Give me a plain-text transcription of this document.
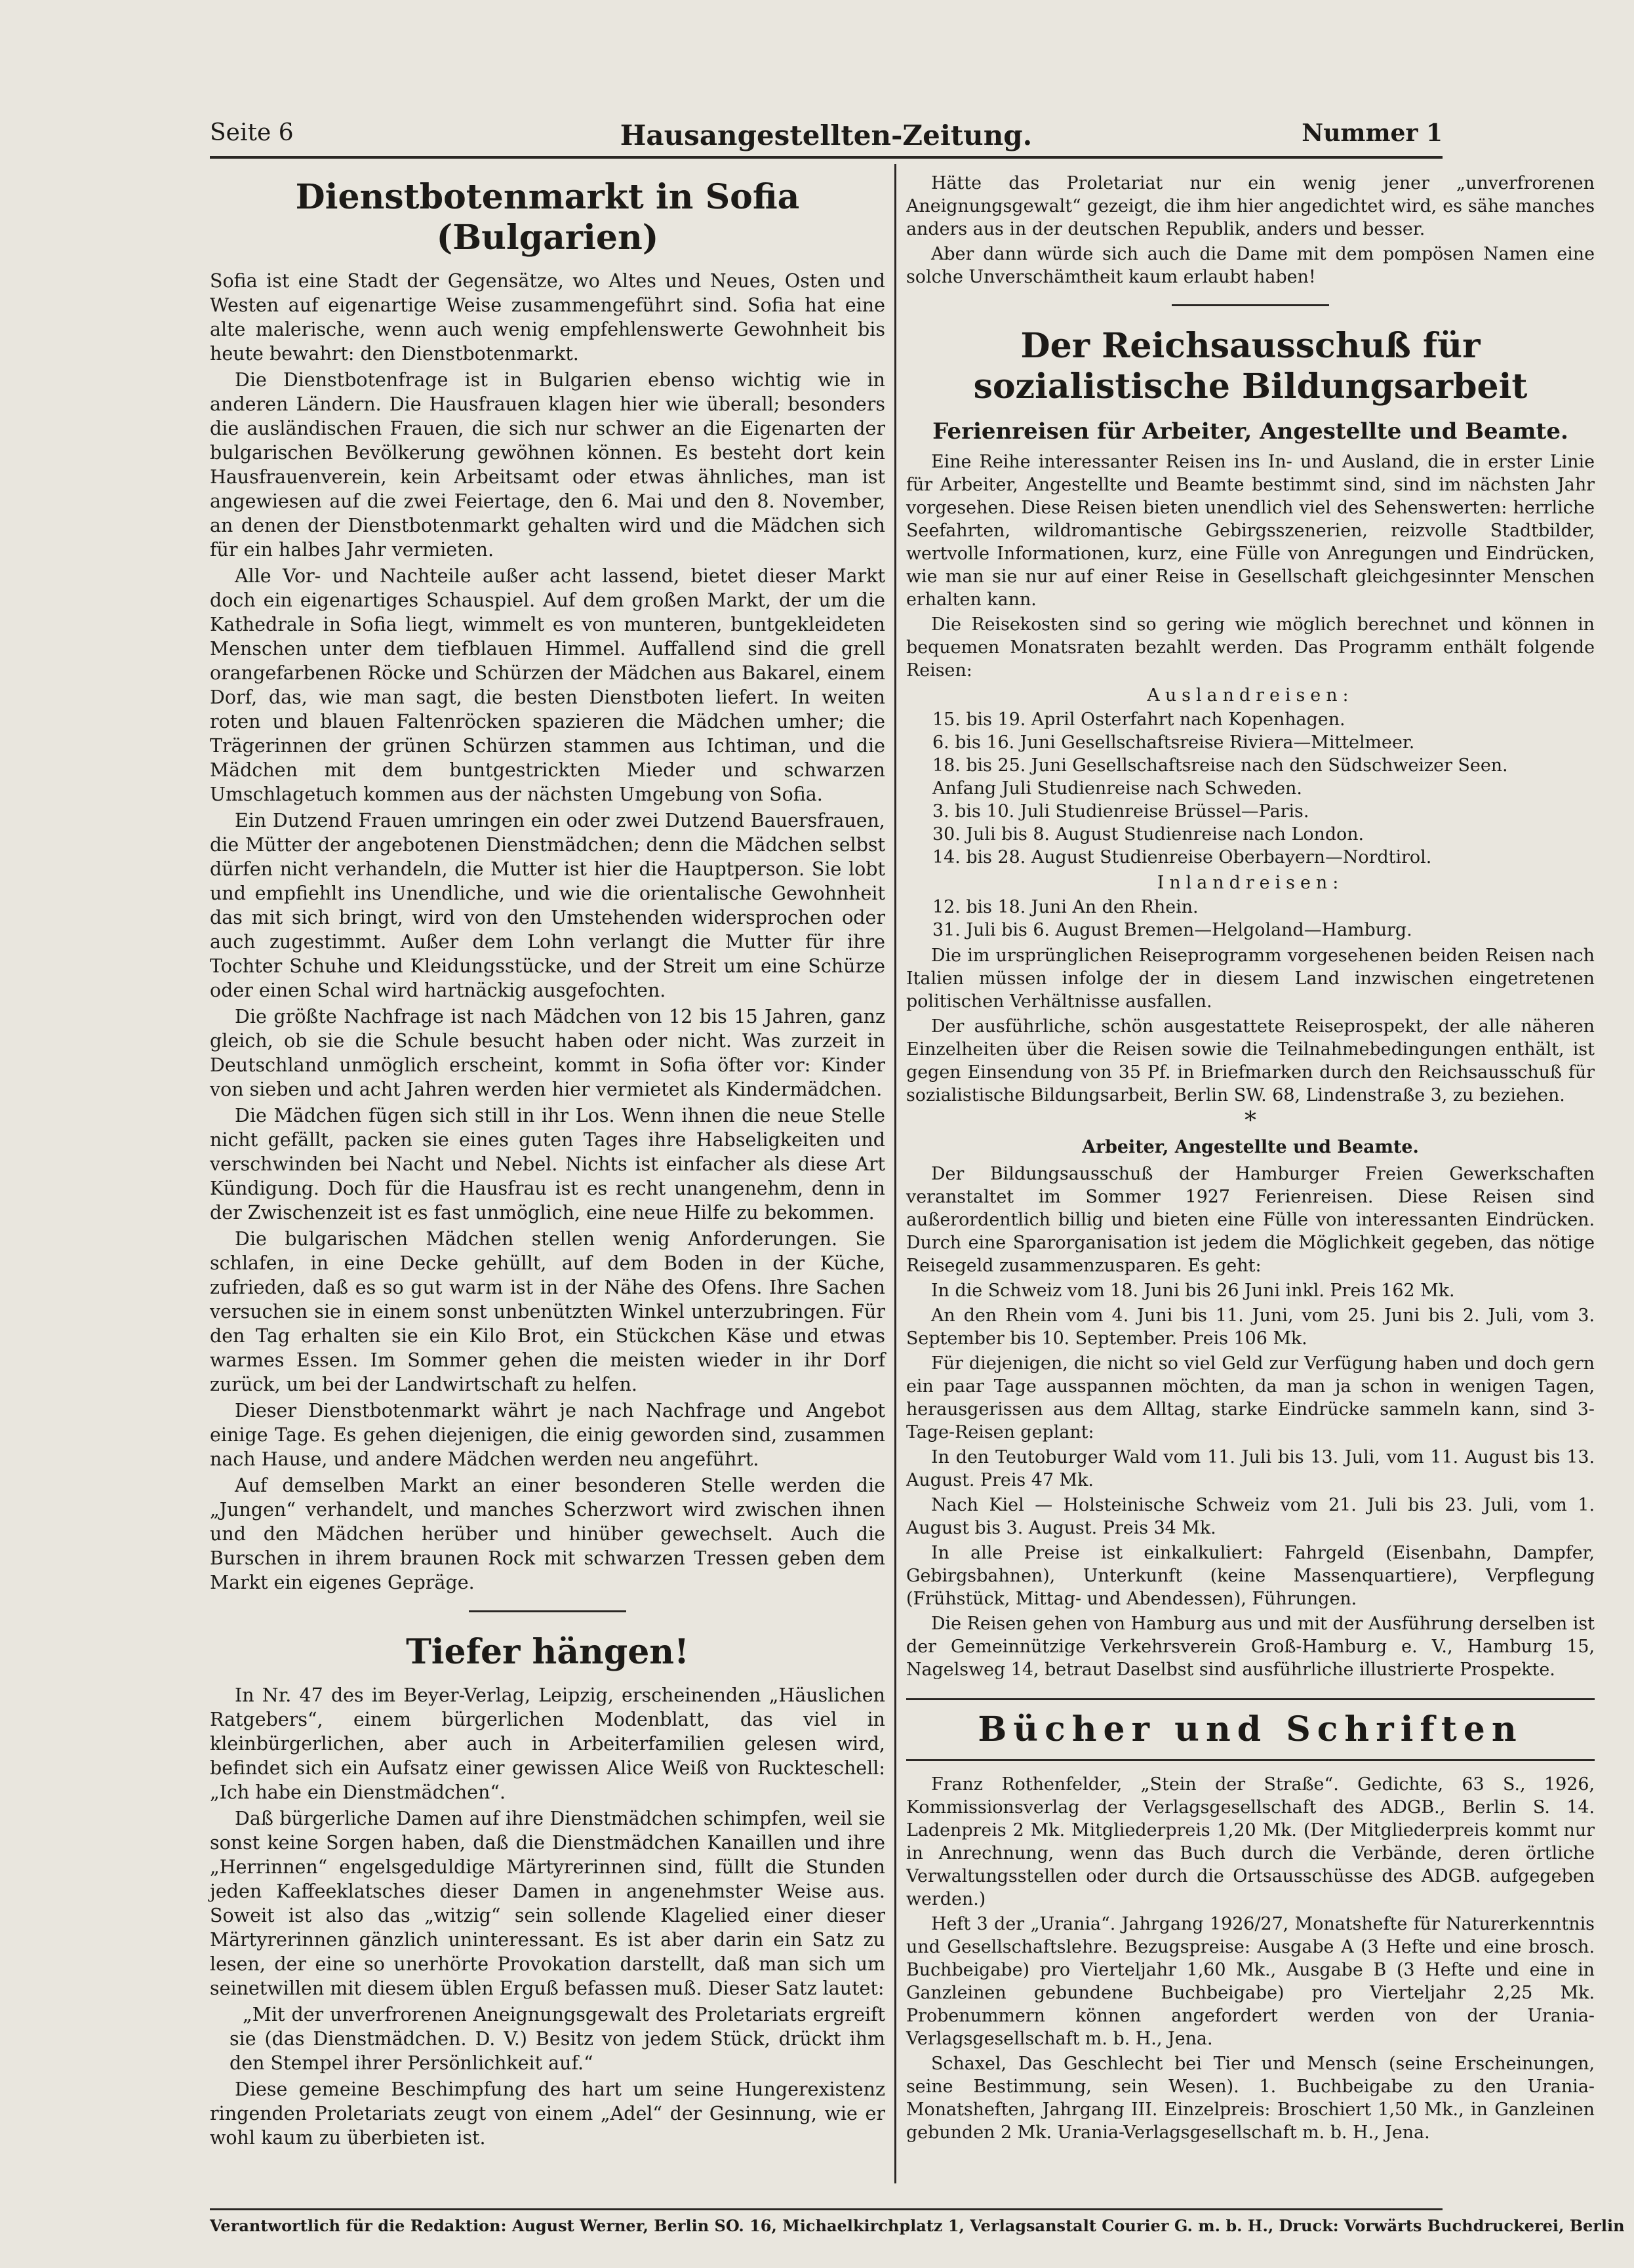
Seite 6	Hausangestellten-Zeitung.	Nummer 1
Dienstbotenmarkt in Sofia (Bulgarien)

Sofia ist eine Stadt der Gegensätze, wo Altes und Neues, Osten und Westen auf eigenartige Weise zusammengeführt sind. Sofia hat eine alte malerische, wenn auch wenig empfehlenswerte Gewohnheit bis heute bewahrt: den Dienstbotenmarkt.

Die Dienstbotenfrage ist in Bulgarien ebenso wichtig wie in anderen Ländern. Die Hausfrauen klagen hier wie überall; besonders die ausländischen Frauen, die sich nur schwer an die Eigenarten der bulgarischen Bevölkerung gewöhnen können. Es besteht dort kein Hausfrauenverein, kein Arbeitsamt oder etwas ähnliches, man ist angewiesen auf die zwei Feiertage, den 6. Mai und den 8. November, an denen der Dienstbotenmarkt gehalten wird und die Mädchen sich für ein halbes Jahr vermieten.

Alle Vor- und Nachteile außer acht lassend, bietet dieser Markt doch ein eigenartiges Schauspiel. Auf dem großen Markt, der um die Kathedrale in Sofia liegt, wimmelt es von munteren, buntgekleideten Menschen unter dem tiefblauen Himmel. Auffallend sind die grell orangefarbenen Röcke und Schürzen der Mädchen aus Bakarel, einem Dorf, das, wie man sagt, die besten Dienstboten liefert. In weiten roten und blauen Faltenröcken spazieren die Mädchen umher; die Trägerinnen der grünen Schürzen stammen aus Ichtiman, und die Mädchen mit dem buntgestrickten Mieder und schwarzen Umschlagetuch kommen aus der nächsten Umgebung von Sofia.

Ein Dutzend Frauen umringen ein oder zwei Dutzend Bauersfrauen, die Mütter der angebotenen Dienstmädchen; denn die Mädchen selbst dürfen nicht verhandeln, die Mutter ist hier die Hauptperson. Sie lobt und empfiehlt ins Unendliche, und wie die orientalische Gewohnheit das mit sich bringt, wird von den Umstehenden widersprochen oder auch zugestimmt. Außer dem Lohn verlangt die Mutter für ihre Tochter Schuhe und Kleidungsstücke, und der Streit um eine Schürze oder einen Schal wird hartnäckig ausgefochten.

Die größte Nachfrage ist nach Mädchen von 12 bis 15 Jahren, ganz gleich, ob sie die Schule besucht haben oder nicht. Was zurzeit in Deutschland unmöglich erscheint, kommt in Sofia öfter vor: Kinder von sieben und acht Jahren werden hier vermietet als Kindermädchen.

Die Mädchen fügen sich still in ihr Los. Wenn ihnen die neue Stelle nicht gefällt, packen sie eines guten Tages ihre Habseligkeiten und verschwinden bei Nacht und Nebel. Nichts ist einfacher als diese Art Kündigung. Doch für die Hausfrau ist es recht unangenehm, denn in der Zwischenzeit ist es fast unmöglich, eine neue Hilfe zu bekommen.

Die bulgarischen Mädchen stellen wenig Anforderungen. Sie schlafen, in eine Decke gehüllt, auf dem Boden in der Küche, zufrieden, daß es so gut warm ist in der Nähe des Ofens. Ihre Sachen versuchen sie in einem sonst unbenützten Winkel unterzubringen. Für den Tag erhalten sie ein Kilo Brot, ein Stückchen Käse und etwas warmes Essen. Im Sommer gehen die meisten wieder in ihr Dorf zurück, um bei der Landwirtschaft zu helfen.

Dieser Dienstbotenmarkt währt je nach Nachfrage und Angebot einige Tage. Es gehen diejenigen, die einig geworden sind, zusammen nach Hause, und andere Mädchen werden neu angeführt.

Auf demselben Markt an einer besonderen Stelle werden die „Jungen“ verhandelt, und manches Scherzwort wird zwischen ihnen und den Mädchen herüber und hinüber gewechselt. Auch die Burschen in ihrem braunen Rock mit schwarzen Tressen geben dem Markt ein eigenes Gepräge.

Tiefer hängen!

In Nr. 47 des im Beyer-Verlag, Leipzig, erscheinenden „Häuslichen Ratgebers“, einem bürgerlichen Modenblatt, das viel in kleinbürgerlichen, aber auch in Arbeiterfamilien gelesen wird, befindet sich ein Aufsatz einer gewissen Alice Weiß von Ruckteschell: „Ich habe ein Dienstmädchen“.

Daß bürgerliche Damen auf ihre Dienstmädchen schimpfen, weil sie sonst keine Sorgen haben, daß die Dienstmädchen Kanaillen und ihre „Herrinnen“ engelsgeduldige Märtyrerinnen sind, füllt die Stunden jeden Kaffeeklatsches dieser Damen in angenehmster Weise aus. Soweit ist also das „witzig“ sein sollende Klagelied einer dieser Märtyrerinnen gänzlich uninteressant. Es ist aber darin ein Satz zu lesen, der eine so unerhörte Provokation darstellt, daß man sich um seinetwillen mit diesem üblen Erguß befassen muß. Dieser Satz lautet:

„Mit der unverfrorenen Aneignungsgewalt des Proletariats ergreift sie (das Dienstmädchen. D. V.) Besitz von jedem Stück, drückt ihm den Stempel ihrer Persönlichkeit auf.“

Diese gemeine Beschimpfung des hart um seine Hungerexistenz ringenden Proletariats zeugt von einem „Adel“ der Gesinnung, wie er wohl kaum zu überbieten ist.

Hätte das Proletariat nur ein wenig jener „unverfrorenen Aneignungsgewalt“ gezeigt, die ihm hier angedichtet wird, es sähe manches anders aus in der deutschen Republik, anders und besser.

Aber dann würde sich auch die Dame mit dem pompösen Namen eine solche Unverschämtheit kaum erlaubt haben!

Der Reichsausschuß für sozialistische Bildungsarbeit
Ferienreisen für Arbeiter, Angestellte und Beamte.

Eine Reihe interessanter Reisen ins In- und Ausland, die in erster Linie für Arbeiter, Angestellte und Beamte bestimmt sind, sind im nächsten Jahr vorgesehen. Diese Reisen bieten unendlich viel des Sehenswerten: herrliche Seefahrten, wildromantische Gebirgsszenerien, reizvolle Stadtbilder, wertvolle Informationen, kurz, eine Fülle von Anregungen und Eindrücken, wie man sie nur auf einer Reise in Gesellschaft gleichgesinnter Menschen erhalten kann.

Die Reisekosten sind so gering wie möglich berechnet und können in bequemen Monatsraten bezahlt werden. Das Programm enthält folgende Reisen:

Auslandreisen:
15. bis 19. April Osterfahrt nach Kopenhagen.
6. bis 16. Juni Gesellschaftsreise Riviera—Mittelmeer.
18. bis 25. Juni Gesellschaftsreise nach den Südschweizer Seen.
Anfang Juli Studienreise nach Schweden.
3. bis 10. Juli Studienreise Brüssel—Paris.
30. Juli bis 8. August Studienreise nach London.
14. bis 28. August Studienreise Oberbayern—Nordtirol.
Inlandreisen:
12. bis 18. Juni An den Rhein.
31. Juli bis 6. August Bremen—Helgoland—Hamburg.

Die im ursprünglichen Reiseprogramm vorgesehenen beiden Reisen nach Italien müssen infolge der in diesem Land inzwischen eingetretenen politischen Verhältnisse ausfallen.

Der ausführliche, schön ausgestattete Reiseprospekt, der alle näheren Einzelheiten über die Reisen sowie die Teilnahmebedingungen enthält, ist gegen Einsendung von 35 Pf. in Briefmarken durch den Reichsausschuß für sozialistische Bildungsarbeit, Berlin SW. 68, Lindenstraße 3, zu beziehen.

*
Arbeiter, Angestellte und Beamte.

Der Bildungsausschuß der Hamburger Freien Gewerkschaften veranstaltet im Sommer 1927 Ferienreisen. Diese Reisen sind außerordentlich billig und bieten eine Fülle von interessanten Eindrücken. Durch eine Sparorganisation ist jedem die Möglichkeit gegeben, das nötige Reisegeld zusammenzusparen. Es geht:

In die Schweiz vom 18. Juni bis 26 Juni inkl. Preis 162 Mk.

An den Rhein vom 4. Juni bis 11. Juni, vom 25. Juni bis 2. Juli, vom 3. September bis 10. September. Preis 106 Mk.

Für diejenigen, die nicht so viel Geld zur Verfügung haben und doch gern ein paar Tage ausspannen möchten, da man ja schon in wenigen Tagen, herausgerissen aus dem Alltag, starke Eindrücke sammeln kann, sind 3-Tage-Reisen geplant:

In den Teutoburger Wald vom 11. Juli bis 13. Juli, vom 11. August bis 13. August. Preis 47 Mk.

Nach Kiel — Holsteinische Schweiz vom 21. Juli bis 23. Juli, vom 1. August bis 3. August. Preis 34 Mk.

In alle Preise ist einkalkuliert: Fahrgeld (Eisenbahn, Dampfer, Gebirgsbahnen), Unterkunft (keine Massenquartiere), Verpflegung (Frühstück, Mittag- und Abendessen), Führungen.

Die Reisen gehen von Hamburg aus und mit der Ausführung derselben ist der Gemeinnützige Verkehrsverein Groß-Hamburg e. V., Hamburg 15, Nagelsweg 14, betraut Daselbst sind ausführliche illustrierte Prospekte.

Bücher und Schriften

Franz Rothenfelder, „Stein der Straße“. Gedichte, 63 S., 1926, Kommissionsverlag der Verlagsgesellschaft des ADGB., Berlin S. 14. Ladenpreis 2 Mk. Mitgliederpreis 1,20 Mk. (Der Mitgliederpreis kommt nur in Anrechnung, wenn das Buch durch die Verbände, deren örtliche Verwaltungsstellen oder durch die Ortsausschüsse des ADGB. aufgegeben werden.)

Heft 3 der „Urania“. Jahrgang 1926/27, Monatshefte für Naturerkenntnis und Gesellschaftslehre. Bezugspreise: Ausgabe A (3 Hefte und eine brosch. Buchbeigabe) pro Vierteljahr 1,60 Mk., Ausgabe B (3 Hefte und eine in Ganzleinen gebundene Buchbeigabe) pro Vierteljahr 2,25 Mk. Probenummern können angefordert werden von der Urania-Verlagsgesellschaft m. b. H., Jena.

Schaxel, Das Geschlecht bei Tier und Mensch (seine Erscheinungen, seine Bestimmung, sein Wesen). 1. Buchbeigabe zu den Urania-Monatsheften, Jahrgang III. Einzelpreis: Broschiert 1,50 Mk., in Ganzleinen gebunden 2 Mk. Urania-Verlagsgesellschaft m. b. H., Jena.

Verantwortlich für die Redaktion: August Werner, Berlin SO. 16, Michaelkirchplatz 1, Verlagsanstalt Courier G. m. b. H., Druck: Vorwärts Buchdruckerei, Berlin
